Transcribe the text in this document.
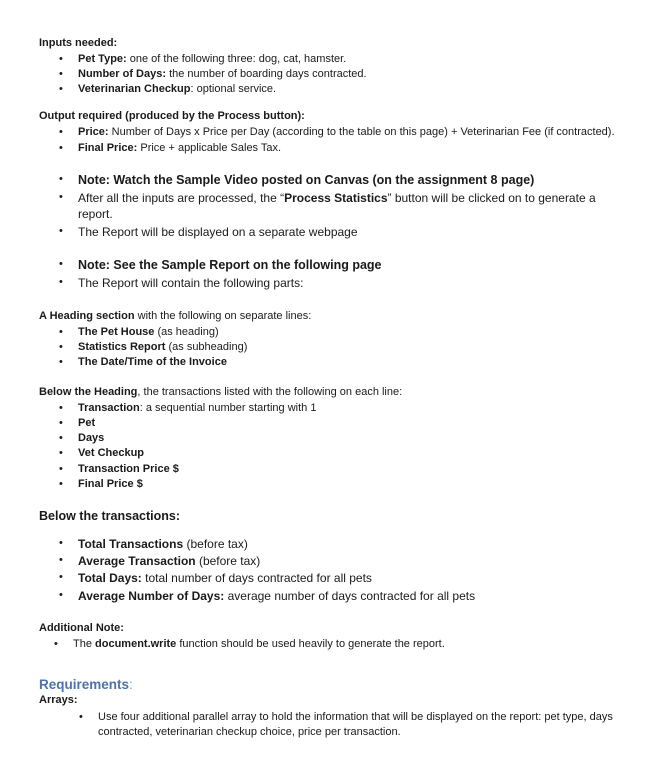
Inputs needed:
• Pet Type: one of the following three: dog, cat, hamster.
• Number of Days: the number of boarding days contracted.
• Veterinarian Checkup: optional service.
Output required (produced by the Process button):
• Price: Number of Days x Price per Day (according to the table on this page) + Veterinarian Fee (if contracted).
• Final Price: Price + applicable Sales Tax.
• Note: Watch the Sample Video posted on Canvas (on the assignment 8 page)
• After all the inputs are processed, the “Process Statistics” button will be clicked on to generate a
report.
• The Report will be displayed on a separate webpage
• Note: See the Sample Report on the following page
• The Report will contain the following parts:
A Heading section with the following on separate lines:
• The Pet House (as heading)
• Statistics Report (as subheading)
• The Date/Time of the Invoice
Below the Heading, the transactions listed with the following on each line:
• Transaction: a sequential number starting with 1
• Pet
• Days
• Vet Checkup
• Transaction Price $
• Final Price $
Below the transactions:
• Total Transactions (before tax)
• Average Transaction (before tax)
• Total Days: total number of days contracted for all pets
• Average Number of Days: average number of days contracted for all pets
Additional Note:
• The document.write function should be used heavily to generate the report.
Requirements:
Arrays:
• Use four additional parallel array to hold the information that will be displayed on the report: pet type, days
contracted, veterinarian checkup choice, price per transaction.
